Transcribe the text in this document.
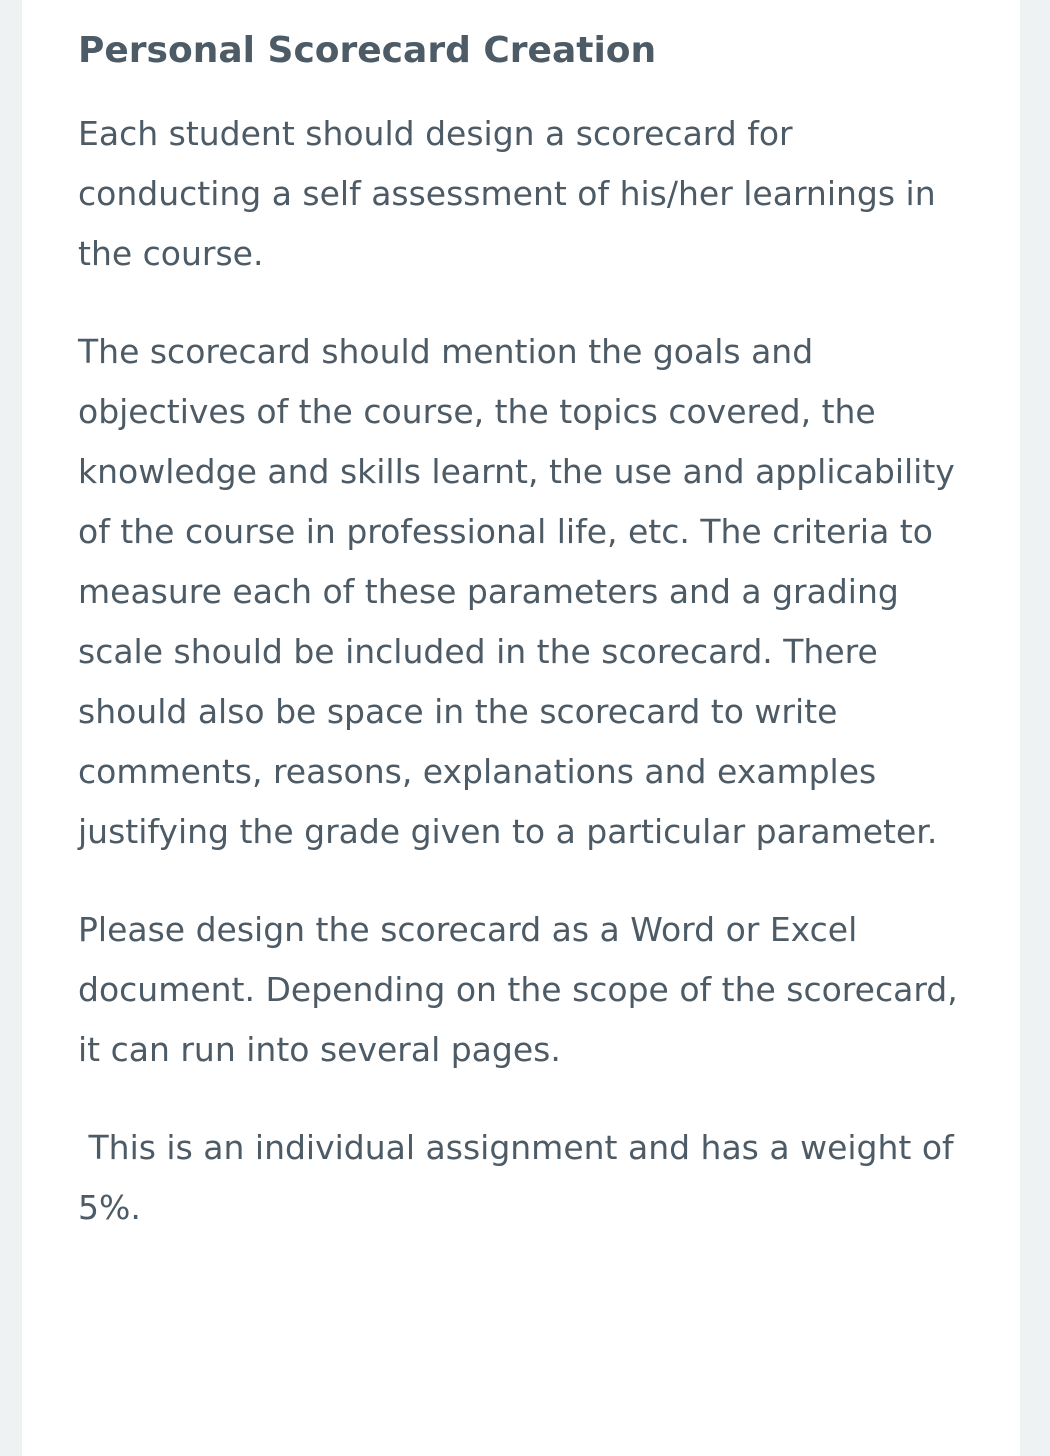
Personal Scorecard Creation

Each student should design a scorecard for conducting a self assessment of his/her learnings in the course.

The scorecard should mention the goals and objectives of the course, the topics covered, the knowledge and skills learnt, the use and applicability of the course in professional life, etc. The criteria to measure each of these parameters and a grading scale should be included in the scorecard. There should also be space in the scorecard to write comments, reasons, explanations and examples justifying the grade given to a particular parameter.

Please design the scorecard as a Word or Excel document. Depending on the scope of the scorecard, it can run into several pages.

This is an individual assignment and has a weight of 5%.
